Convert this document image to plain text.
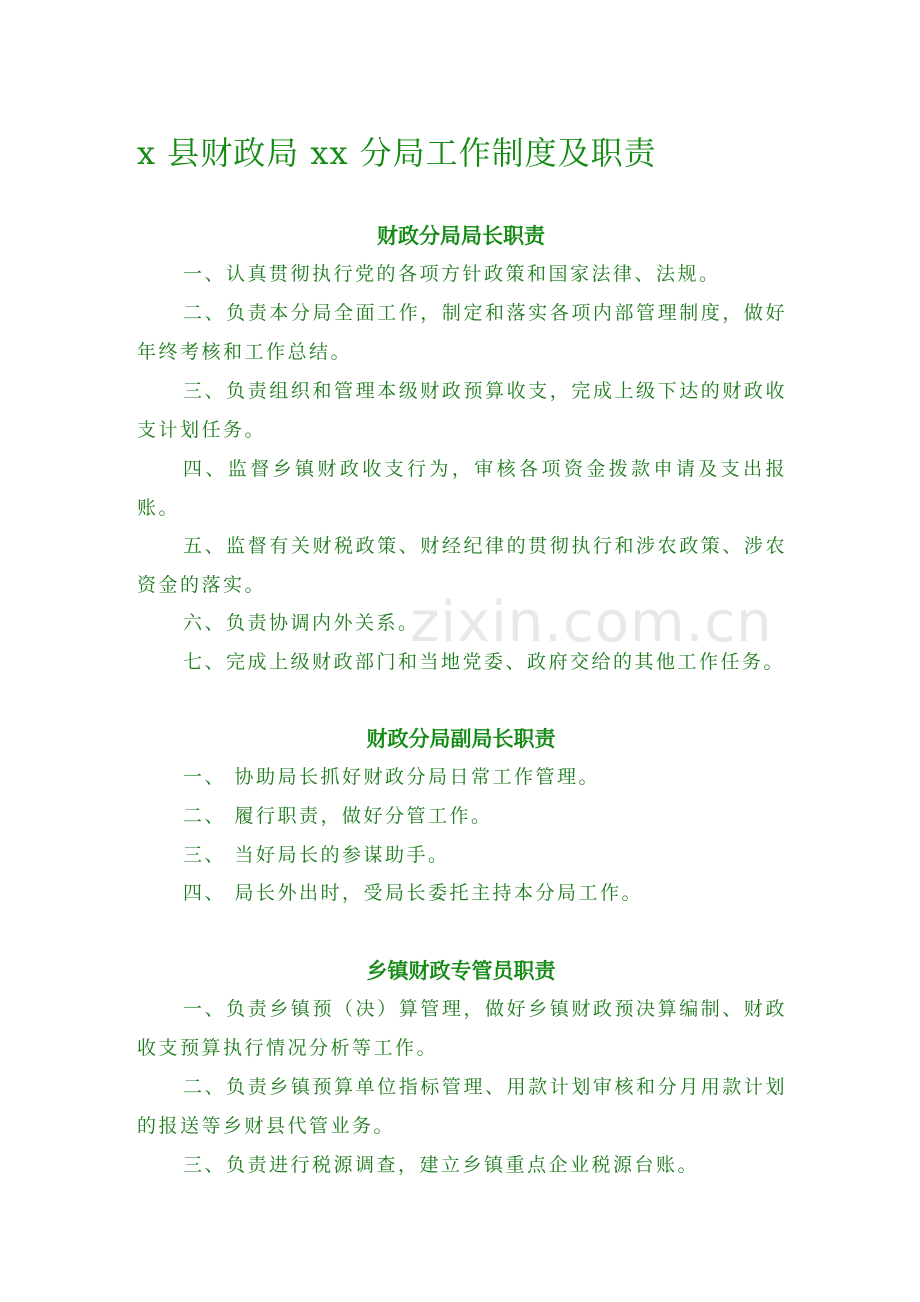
x 县财政局 xx 分局工作制度及职责
财政分局局长职责

一、认真贯彻执行党的各项方针政策和国家法律、法规。

二、负责本分局全面工作，制定和落实各项内部管理制度，做好年终考核和工作总结。

三、负责组织和管理本级财政预算收支，完成上级下达的财政收支计划任务。

四、监督乡镇财政收支行为，审核各项资金拨款申请及支出报账。

五、监督有关财税政策、财经纪律的贯彻执行和涉农政策、涉农资金的落实。

六、负责协调内外关系。

七、完成上级财政部门和当地党委、政府交给的其他工作任务。

财政分局副局长职责

一、 协助局长抓好财政分局日常工作管理。

二、 履行职责，做好分管工作。

三、 当好局长的参谋助手。

四、 局长外出时，受局长委托主持本分局工作。

乡镇财政专管员职责

一、负责乡镇预（决）算管理，做好乡镇财政预决算编制、财政收支预算执行情况分析等工作。

二、负责乡镇预算单位指标管理、用款计划审核和分月用款计划的报送等乡财县代管业务。

三、负责进行税源调查，建立乡镇重点企业税源台账。

zixin.com.cn
